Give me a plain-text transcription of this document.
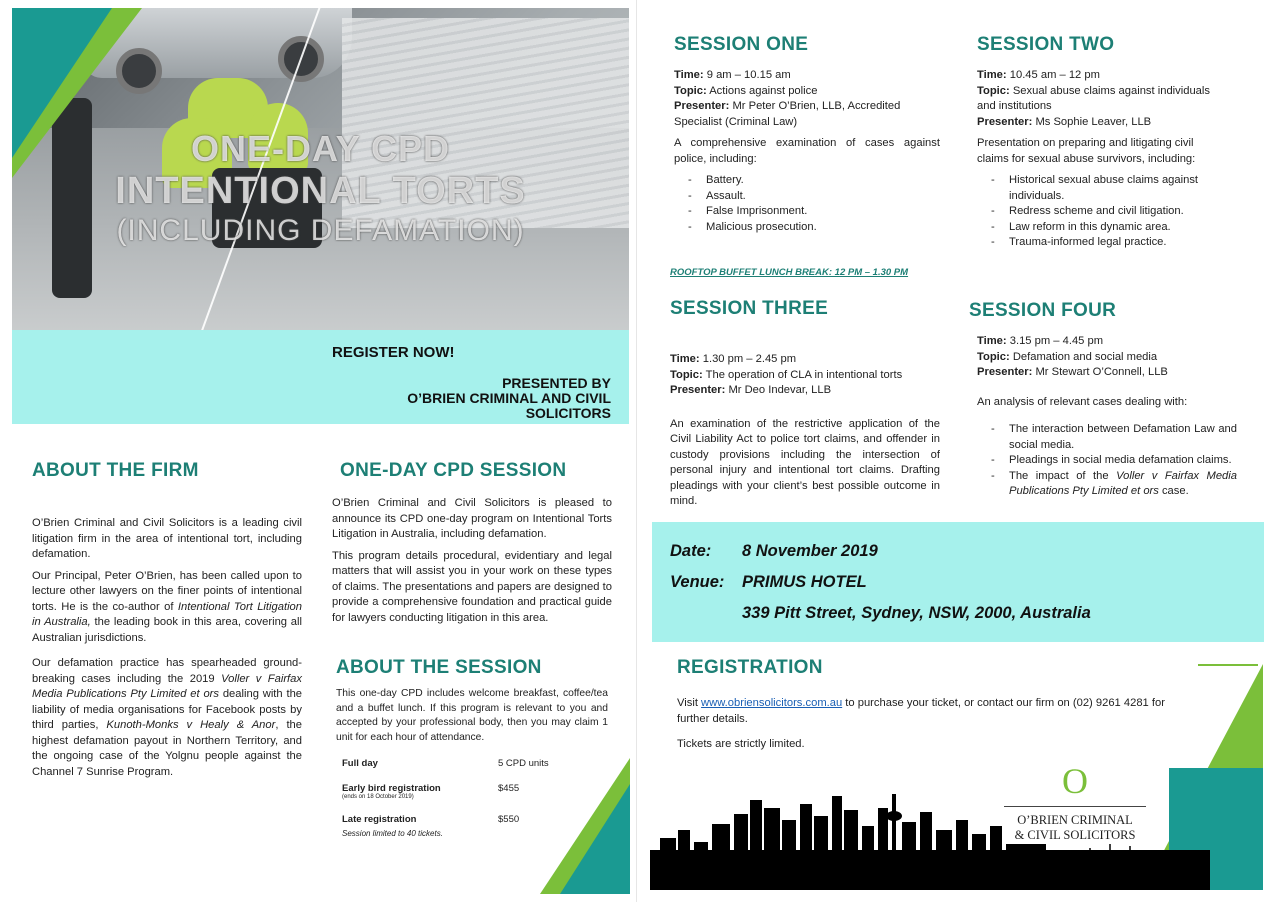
ONE-DAY CPD
INTENTIONAL TORTS
(INCLUDING DEFAMATION)
REGISTER NOW!
PRESENTED BY
O’BRIEN CRIMINAL AND CIVIL
SOLICITORS
ABOUT THE FIRM

O’Brien Criminal and Civil Solicitors is a leading civil litigation firm in the area of intentional tort, including defamation.

Our Principal, Peter O’Brien, has been called upon to lecture other lawyers on the finer points of intentional torts. He is the co-author of Intentional Tort Litigation in Australia, the leading book in this area, covering all Australian jurisdictions.

Our defamation practice has spearheaded ground-breaking cases including the 2019 Voller v Fairfax Media Publications Pty Limited et ors dealing with the liability of media organisations for Facebook posts by third parties, Kunoth-Monks v Healy & Anor, the highest defamation payout in Northern Territory, and the ongoing case of the Yolgnu people against the Channel 7 Sunrise Program.

ONE-DAY CPD SESSION

O’Brien Criminal and Civil Solicitors is pleased to announce its CPD one-day program on Intentional Torts Litigation in Australia, including defamation.

This program details procedural, evidentiary and legal matters that will assist you in your work on these types of claims. The presentations and papers are designed to provide a comprehensive foundation and practical guide for lawyers conducting litigation in this area.

ABOUT THE SESSION

This one-day CPD includes welcome breakfast, coffee/tea and a buffet lunch. If this program is relevant to you and accepted by your professional body, then you may claim 1 unit for each hour of attendance.

Full day	5 CPD units
Early bird registration
(ends on 18 October 2019)
$455
Late registration	$550
Session limited to 40 tickets.
SESSION ONE
Time: 9 am – 10.15 am
Topic: Actions against police
Presenter: Mr Peter O’Brien, LLB, Accredited Specialist (Criminal Law)

A comprehensive examination of cases against police, including:

- Battery.
- Assault.
- False Imprisonment.
- Malicious prosecution.
SESSION TWO
Time: 10.45 am – 12 pm
Topic: Sexual abuse claims against individuals and institutions
Presenter: Ms Sophie Leaver, LLB

Presentation on preparing and litigating civil claims for sexual abuse survivors, including:

- Historical sexual abuse claims against individuals.
- Redress scheme and civil litigation.
- Law reform in this dynamic area.
- Trauma-informed legal practice.
ROOFTOP BUFFET LUNCH BREAK: 12 PM – 1.30 PM
SESSION THREE
Time: 1.30 pm – 2.45 pm
Topic: The operation of CLA in intentional torts
Presenter: Mr Deo Indevar, LLB

An examination of the restrictive application of the Civil Liability Act to police tort claims, and offender in custody provisions including the intersection of personal injury and intentional tort claims. Drafting pleadings with your client’s best possible outcome in mind.

SESSION FOUR
Time: 3.15 pm – 4.45 pm
Topic: Defamation and social media
Presenter: Mr Stewart O’Connell, LLB

An analysis of relevant cases dealing with:

- The interaction between Defamation Law and social media.
- Pleadings in social media defamation claims.
- The impact of the Voller v Fairfax Media Publications Pty Limited et ors case.
Date: 8 November 2019
Venue: PRIMUS HOTEL
339 Pitt Street, Sydney, NSW, 2000, Australia
REGISTRATION
Visit www.obriensolicitors.com.au to purchase your ticket, or contact our firm on (02) 9261 4281 for further details.
Tickets are strictly limited.
O
O’BRIEN CRIMINAL
& CIVIL SOLICITORS
